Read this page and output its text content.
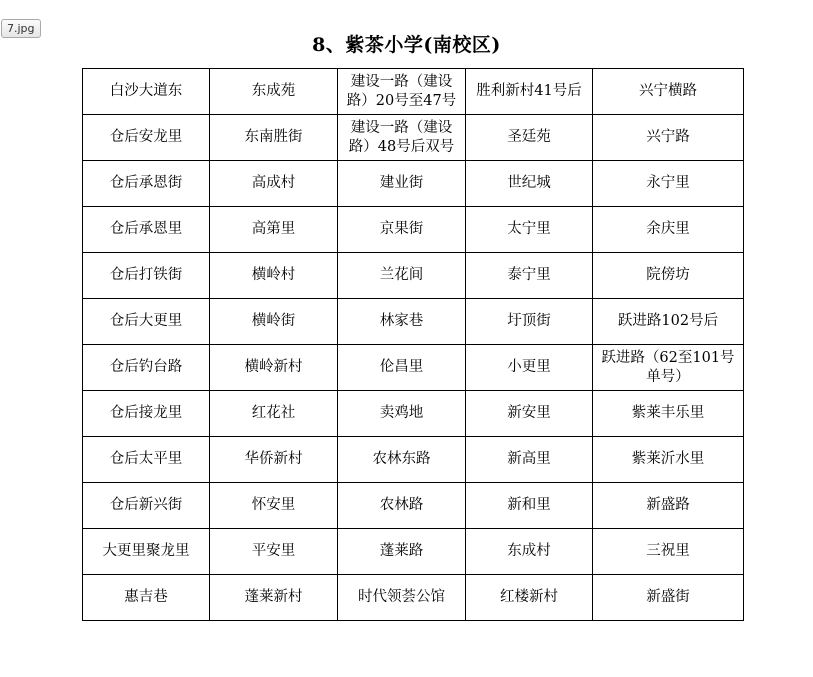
7.jpg
8、紫茶小学(南校区)
白沙大道东	东成苑	建设一路（建设路）20号至47号	胜利新村41号后	兴宁横路
仓后安龙里	东南胜街	建设一路（建设路）48号后双号	圣廷苑	兴宁路
仓后承恩街	高成村	建业街	世纪城	永宁里
仓后承恩里	高第里	京果街	太宁里	余庆里
仓后打铁街	横岭村	兰花间	泰宁里	院傍坊
仓后大更里	横岭街	林家巷	圩顶街	跃进路102号后
仓后钓台路	横岭新村	伦昌里	小更里	跃进路（62至101号单号）
仓后接龙里	红花社	卖鸡地	新安里	紫莱丰乐里
仓后太平里	华侨新村	农林东路	新高里	紫莱沂水里
仓后新兴街	怀安里	农林路	新和里	新盛路
大更里聚龙里	平安里	蓬莱路	东成村	三祝里
惠吉巷	蓬莱新村	时代领荟公馆	红楼新村	新盛街
